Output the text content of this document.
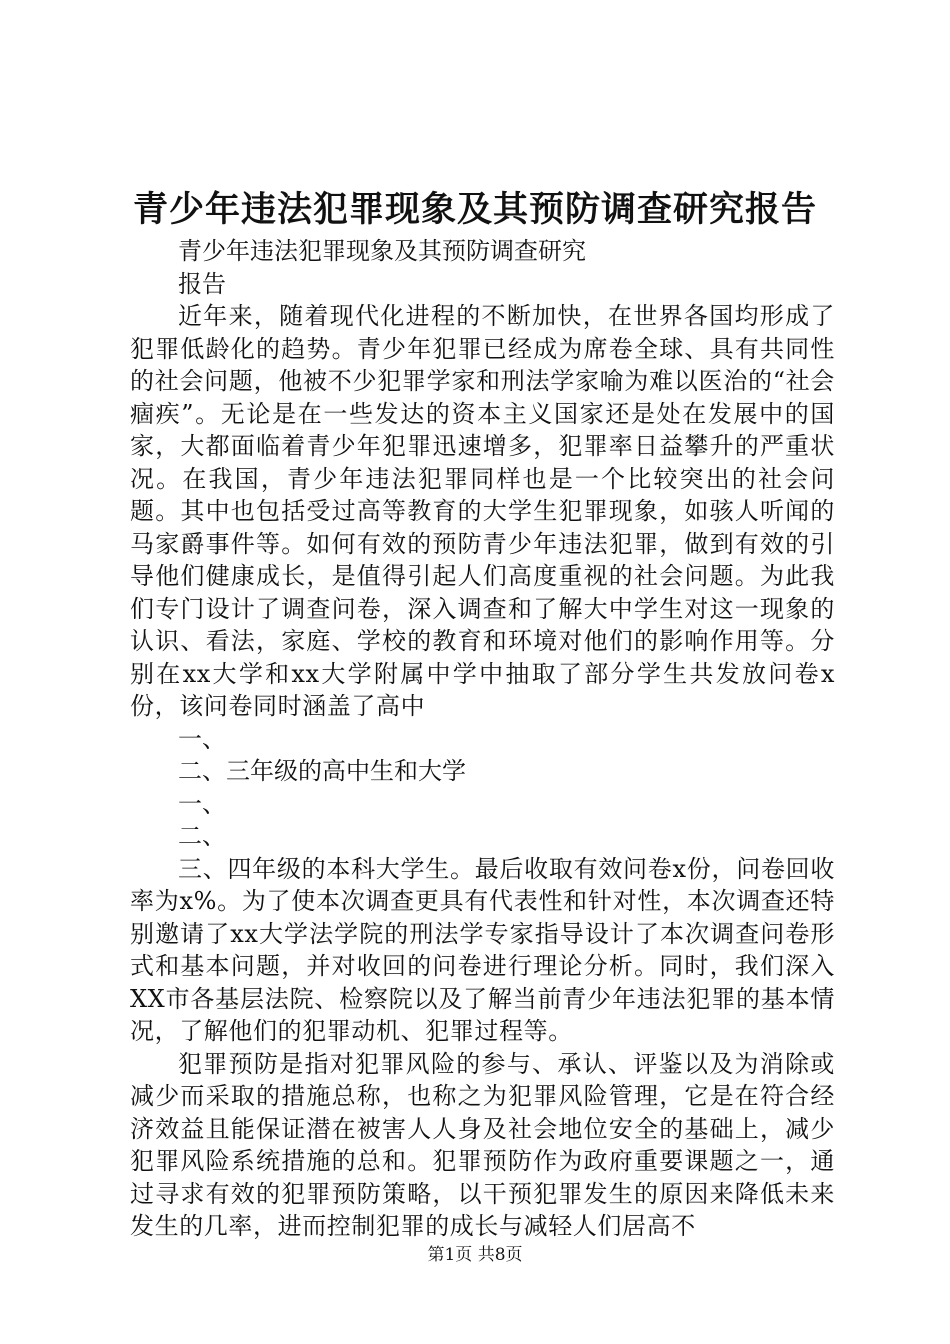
青少年违法犯罪现象及其预防调查研究报告

青少年违法犯罪现象及其预防调查研究

报告

近年来，随着现代化进程的不断加快，在世界各国均形成了犯罪低龄化的趋势。青少年犯罪已经成为席卷全球、具有共同性的社会问题，他被不少犯罪学家和刑法学家喻为难以医治的“社会痼疾”。无论是在一些发达的资本主义国家还是处在发展中的国家，大都面临着青少年犯罪迅速增多，犯罪率日益攀升的严重状况。在我国，青少年违法犯罪同样也是一个比较突出的社会问题。其中也包括受过高等教育的大学生犯罪现象，如骇人听闻的马家爵事件等。如何有效的预防青少年违法犯罪，做到有效的引导他们健康成长，是值得引起人们高度重视的社会问题。为此我们专门设计了调查问卷，深入调查和了解大中学生对这一现象的认识、看法，家庭、学校的教育和环境对他们的影响作用等。分别在xx大学和xx大学附属中学中抽取了部分学生共发放问卷x份，该问卷同时涵盖了高中

一、

二、三年级的高中生和大学

一、

二、

三、四年级的本科大学生。最后收取有效问卷x份，问卷回收率为x%。为了使本次调查更具有代表性和针对性，本次调查还特别邀请了xx大学法学院的刑法学专家指导设计了本次调查问卷形式和基本问题，并对收回的问卷进行理论分析。同时，我们深入XX市各基层法院、检察院以及了解当前青少年违法犯罪的基本情况，了解他们的犯罪动机、犯罪过程等。

犯罪预防是指对犯罪风险的参与、承认、评鉴以及为消除或减少而采取的措施总称，也称之为犯罪风险管理，它是在符合经济效益且能保证潜在被害人人身及社会地位安全的基础上，减少犯罪风险系统措施的总和。犯罪预防作为政府重要课题之一，通过寻求有效的犯罪预防策略，以干预犯罪发生的原因来降低未来发生的几率，进而控制犯罪的成长与减轻人们居高不

第1页 共8页
